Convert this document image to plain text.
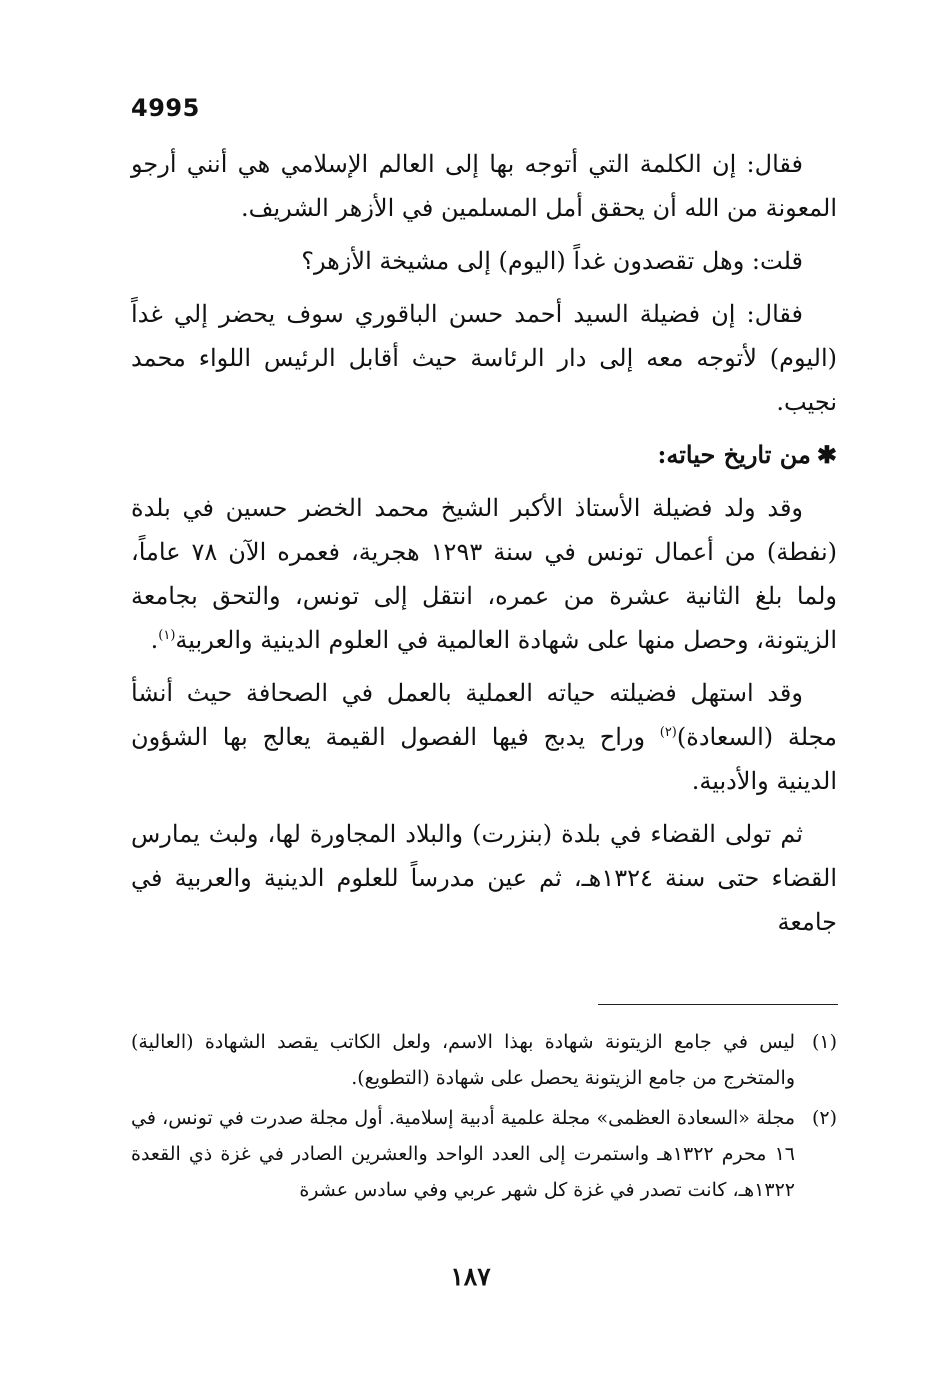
4995

فقال: إن الكلمة التي أتوجه بها إلى العالم الإسلامي هي أنني أرجو المعونة من الله أن يحقق أمل المسلمين في الأزهر الشريف.

قلت: وهل تقصدون غداً (اليوم) إلى مشيخة الأزهر؟

فقال: إن فضيلة السيد أحمد حسن الباقوري سوف يحضر إلي غداً (اليوم) لأتوجه معه إلى دار الرئاسة حيث أقابل الرئيس اللواء محمد نجيب.

✱من تاريخ حياته:

وقد ولد فضيلة الأستاذ الأكبر الشيخ محمد الخضر حسين في بلدة (نفطة) من أعمال تونس في سنة ١٢٩٣ هجرية، فعمره الآن ٧٨ عاماً، ولما بلغ الثانية عشرة من عمره، انتقل إلى تونس، والتحق بجامعة الزيتونة، وحصل منها على شهادة العالمية في العلوم الدينية والعربية$^{(١)}$.

وقد استهل فضيلته حياته العملية بالعمل في الصحافة حيث أنشأ مجلة (السعادة)$^{(٢)}$ وراح يدبج فيها الفصول القيمة يعالج بها الشؤون الدينية والأدبية.

ثم تولى القضاء في بلدة (بنزرت) والبلاد المجاورة لها، ولبث يمارس القضاء حتى سنة ١٣٢٤هـ، ثم عين مدرساً للعلوم الدينية والعربية في جامعة

(١)
ليس في جامع الزيتونة شهادة بهذا الاسم، ولعل الكاتب يقصد الشهادة (العالية) والمتخرج من جامع الزيتونة يحصل على شهادة (التطويع).
(٢)
مجلة «السعادة العظمى» مجلة علمية أدبية إسلامية. أول مجلة صدرت في تونس، في ١٦ محرم ١٣٢٢هـ واستمرت إلى العدد الواحد والعشرين الصادر في غزة ذي القعدة ١٣٢٢هـ، كانت تصدر في غزة كل شهر عربي وفي سادس عشرة
١٨٧
